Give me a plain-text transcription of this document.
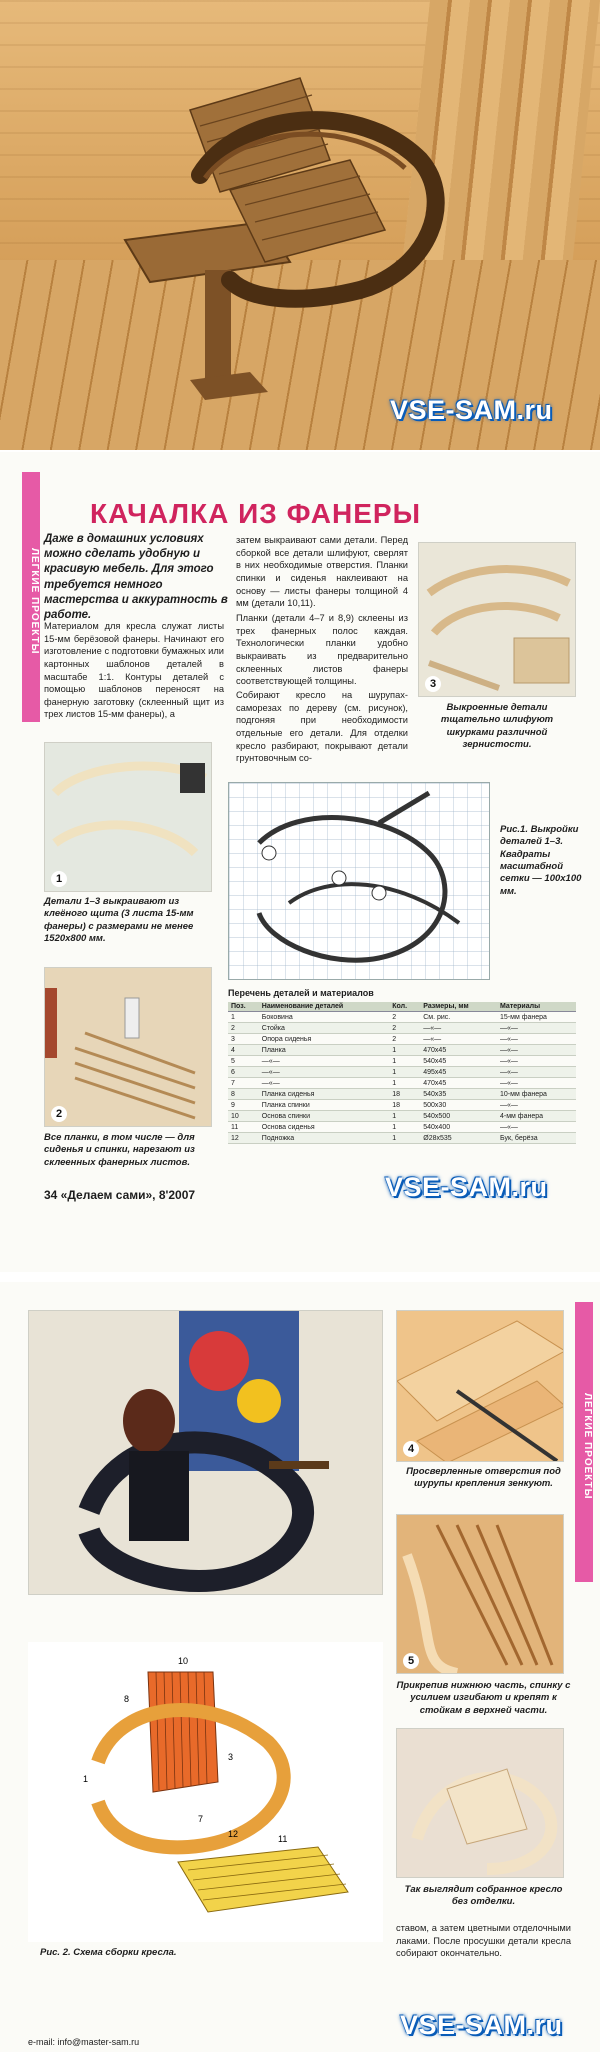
VSE-SAM.ru
ЛЕГКИЕ ПРОЕКТЫ
КАЧАЛКА ИЗ ФАНЕРЫ
Даже в домашних условиях можно сделать удобную и красивую мебель. Для этого требуется немного мастерства и аккуратность в работе.
Материалом для кресла служат листы 15-мм берёзовой фанеры. Начинают его изготовление с подготовки бумажных или картонных шаблонов деталей в масштабе 1:1. Контуры деталей с помощью шаблонов переносят на фанерную заготовку (склеенный щит из трех листов 15-мм фанеры), а
затем выкраивают сами детали. Перед сборкой все детали шлифуют, сверлят в них необходимые отверстия. Планки спинки и сиденья наклеивают на основу — листы фанеры толщиной 4 мм (детали 10,11).
Планки (детали 4–7 и 8,9) склеены из трех фанерных полос каждая. Технологически планки удобно выкраивать из предварительно склеенных листов фанеры соответствующей толщины.
Собирают кресло на шурупах-саморезах по дереву (см. рисунок), подгоняя при необходимости отдельные его детали. Для отделки кресло разбирают, покрывают детали грунтовочным со-
3
Выкроенные детали тщательно шлифуют шкурками различной зернистости.
1
Детали 1–3 выкраивают из клеёного щита (3 листа 15-мм фанеры) с размерами не менее 1520x800 мм.
Рис.1. Выкройки деталей 1–3. Квадраты масштабной сетки — 100x100 мм.
2
Все планки, в том числе — для сиденья и спинки, нарезают из склеенных фанерных листов.
Перечень деталей и материалов
Поз.	Наименование деталей	Кол.	Размеры, мм	Материалы
1	Боковина	2	См. рис.	15-мм фанера
2	Стойка	2	—«—	—«—
3	Опора сиденья	2	—«—	—«—
4	Планка	1	470x45	—«—
5	—«—	1	540x45	—«—
6	—«—	1	495x45	—«—
7	—«—	1	470x45	—«—
8	Планка сиденья	18	540x35	10-мм фанера
9	Планка спинки	18	500x30	—«—
10	Основа спинки	1	540x500	4-мм фанера
11	Основа сиденья	1	540x400	—«—
12	Подножка	1	Ø28x535	Бук, берёза
34 «Делаем сами», 8'2007	VSE-SAM.ru
ЛЕГКИЕ ПРОЕКТЫ
4
Просверленные отверстия под шурупы крепления зенкуют.
5
Прикрепив нижнюю часть, спинку с усилием изгибают и крепят к стойкам в верхней части.
Так выглядит собранное кресло без отделки.
10
8
3
1
7
11
12
Рис. 2. Схема сборки кресла.
ставом, а затем цветными отделочными лаками. После просушки детали кресла собирают окончательно.
e-mail: info@master-sam.ru
VSE-SAM.ru
